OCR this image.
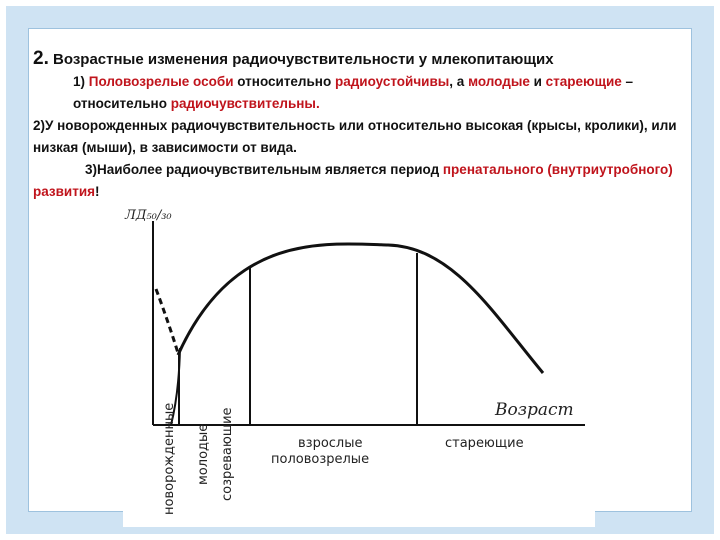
2. Возрастные изменения радиочувствительности у млекопитающих

1) Половозрелые особи относительно радиоустойчивы, а молодые и стареющие – относительно радиочувствительны.

2)У новорожденных радиочувствительность или относительно высокая (крысы, кролики), или низкая (мыши), в зависимости от вида.

3)Наиболее радиочувствительным является период пренатального (внутриутробного) развития!

ЛД₅₀/₃₀
Возраст
новорожденные молодые созревающие	взрослые
половозрелые
стареющие
